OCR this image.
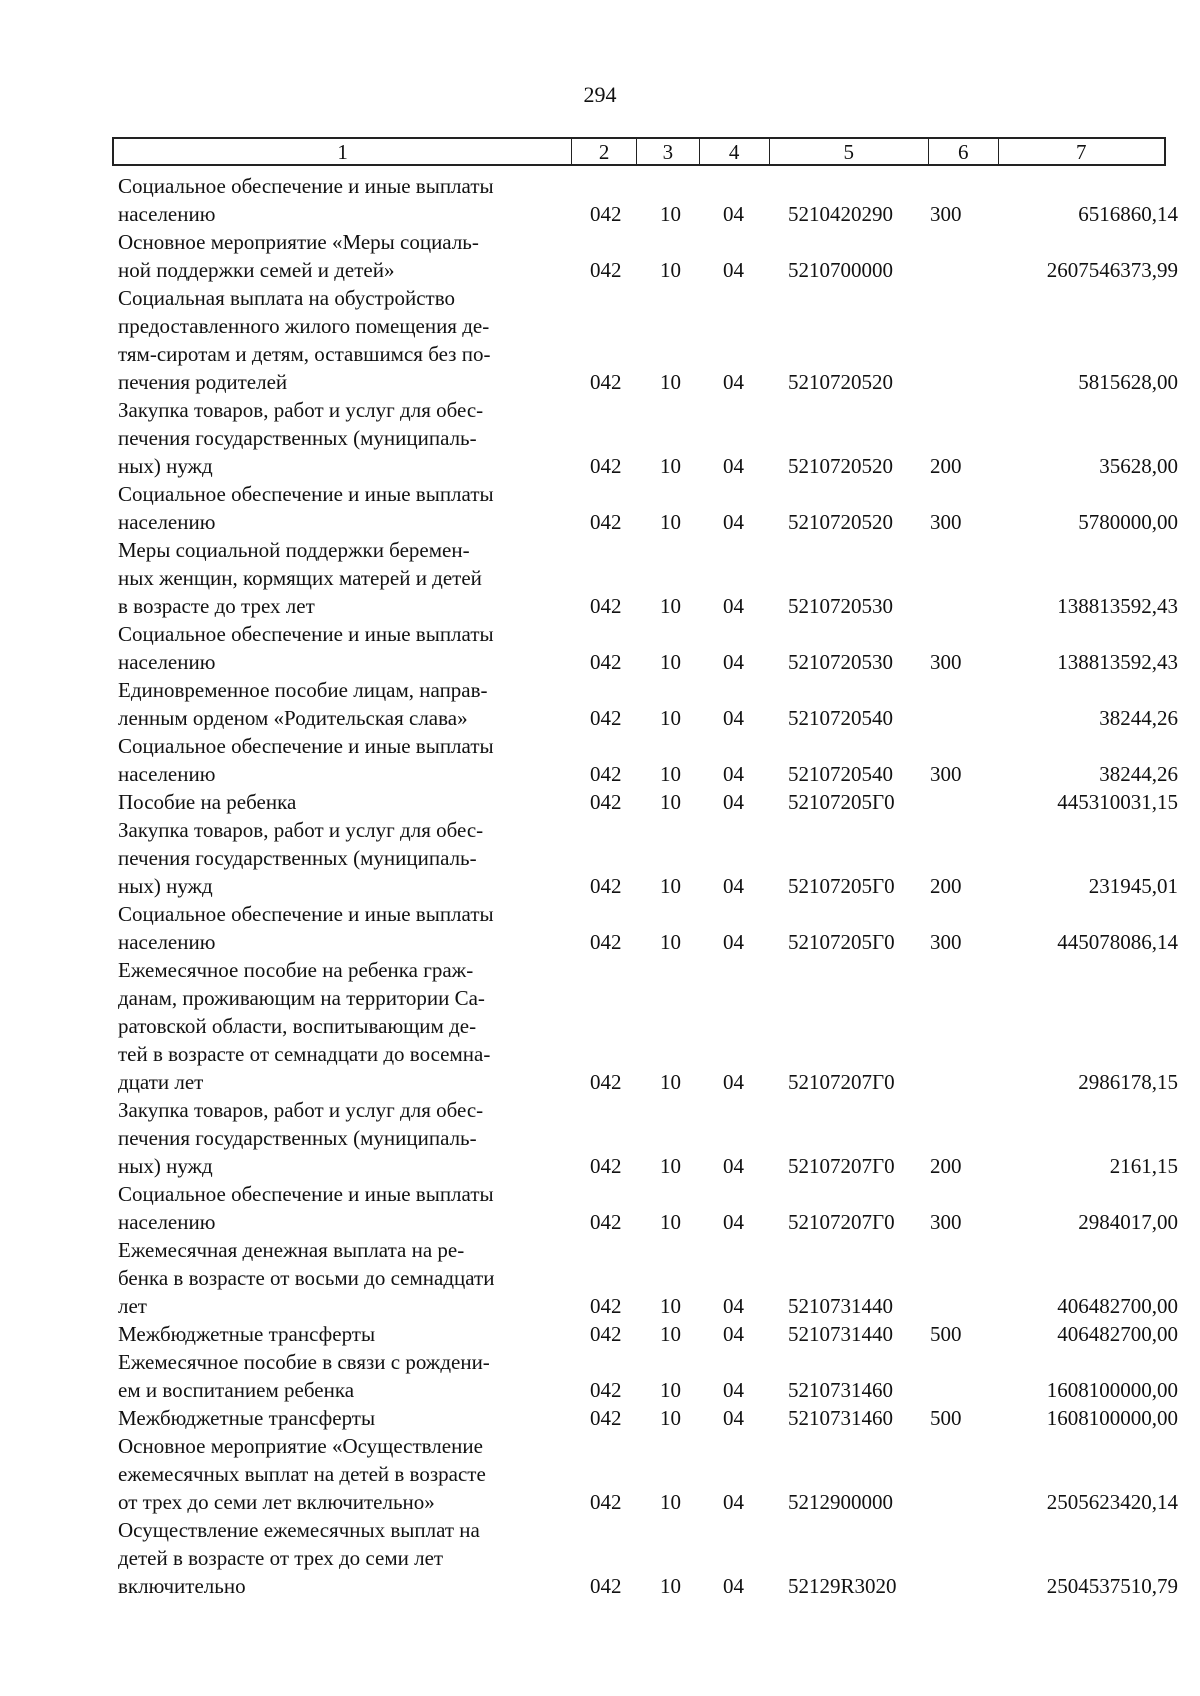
294
1	2	3	4	5	6	7
Социальное обеспечение и иные выплаты
населению	042 10 04 5210420290 300	6516860,14
Основное мероприятие «Меры социаль-
ной поддержки семей и детей»	042 10 04 5210700000	2607546373,99
Социальная выплата на обустройство
предоставленного жилого помещения де-
тям-сиротам и детям, оставшимся без по-
печения родителей	042 10 04 5210720520	5815628,00
Закупка товаров, работ и услуг для обес-
печения государственных (муниципаль-
ных) нужд	042 10 04 5210720520 200	35628,00
Социальное обеспечение и иные выплаты
населению	042 10 04 5210720520 300	5780000,00
Меры социальной поддержки беремен-
ных женщин, кормящих матерей и детей
в возрасте до трех лет	042 10 04 5210720530	138813592,43
Социальное обеспечение и иные выплаты
населению	042 10 04 5210720530 300	138813592,43
Единовременное пособие лицам, направ-
ленным орденом «Родительская слава»	042 10 04 5210720540	38244,26
Социальное обеспечение и иные выплаты
населению	042 10 04 5210720540 300	38244,26
Пособие на ребенка	042 10 04 52107205Г0	445310031,15
Закупка товаров, работ и услуг для обес-
печения государственных (муниципаль-
ных) нужд	042 10 04 52107205Г0 200	231945,01
Социальное обеспечение и иные выплаты
населению	042 10 04 52107205Г0 300	445078086,14
Ежемесячное пособие на ребенка граж-
данам, проживающим на территории Са-
ратовской области, воспитывающим де-
тей в возрасте от семнадцати до восемна-
дцати лет	042 10 04 52107207Г0	2986178,15
Закупка товаров, работ и услуг для обес-
печения государственных (муниципаль-
ных) нужд	042 10 04 52107207Г0 200	2161,15
Социальное обеспечение и иные выплаты
населению	042 10 04 52107207Г0 300	2984017,00
Ежемесячная денежная выплата на ре-
бенка в возрасте от восьми до семнадцати
лет	042 10 04 5210731440	406482700,00
Межбюджетные трансферты	042 10 04 5210731440 500	406482700,00
Ежемесячное пособие в связи с рождени-
ем и воспитанием ребенка	042 10 04 5210731460	1608100000,00
Межбюджетные трансферты	042 10 04 5210731460 500	1608100000,00
Основное мероприятие «Осуществление
ежемесячных выплат на детей в возрасте
от трех до семи лет включительно»	042 10 04 5212900000	2505623420,14
Осуществление ежемесячных выплат на
детей в возрасте от трех до семи лет
включительно	042 10 04 52129R3020	2504537510,79
